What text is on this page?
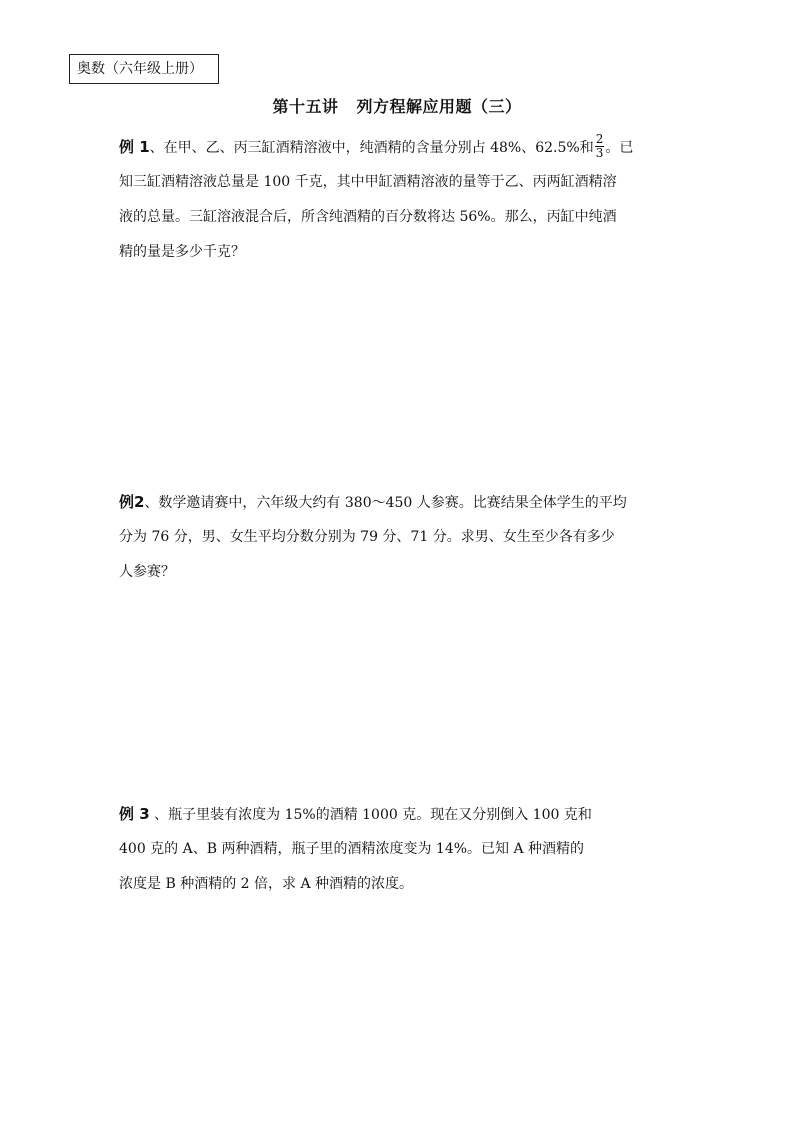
奥数（六年级上册）
第十五讲 列方程解应用题（三）
例 1、在甲、乙、丙三缸酒精溶液中，纯酒精的含量分别占 48%、62.5%和 $\frac{2}{3}$ 。已
知三缸酒精溶液总量是 100 千克，其中甲缸酒精溶液的量等于乙、丙两缸酒精溶
液的总量。三缸溶液混合后，所含纯酒精的百分数将达 56%。那么，丙缸中纯酒
精的量是多少千克？
例2、数学邀请赛中，六年级大约有 380～450 人参赛。比赛结果全体学生的平均
分为 76 分，男、女生平均分数分别为 79 分、71 分。求男、女生至少各有多少
人参赛？
例 3 、瓶子里装有浓度为 15%的酒精 1000 克。现在又分别倒入 100 克和
400 克的 A、B 两种酒精，瓶子里的酒精浓度变为 14%。已知 A 种酒精的
浓度是 B 种酒精的 2 倍，求 A 种酒精的浓度。
